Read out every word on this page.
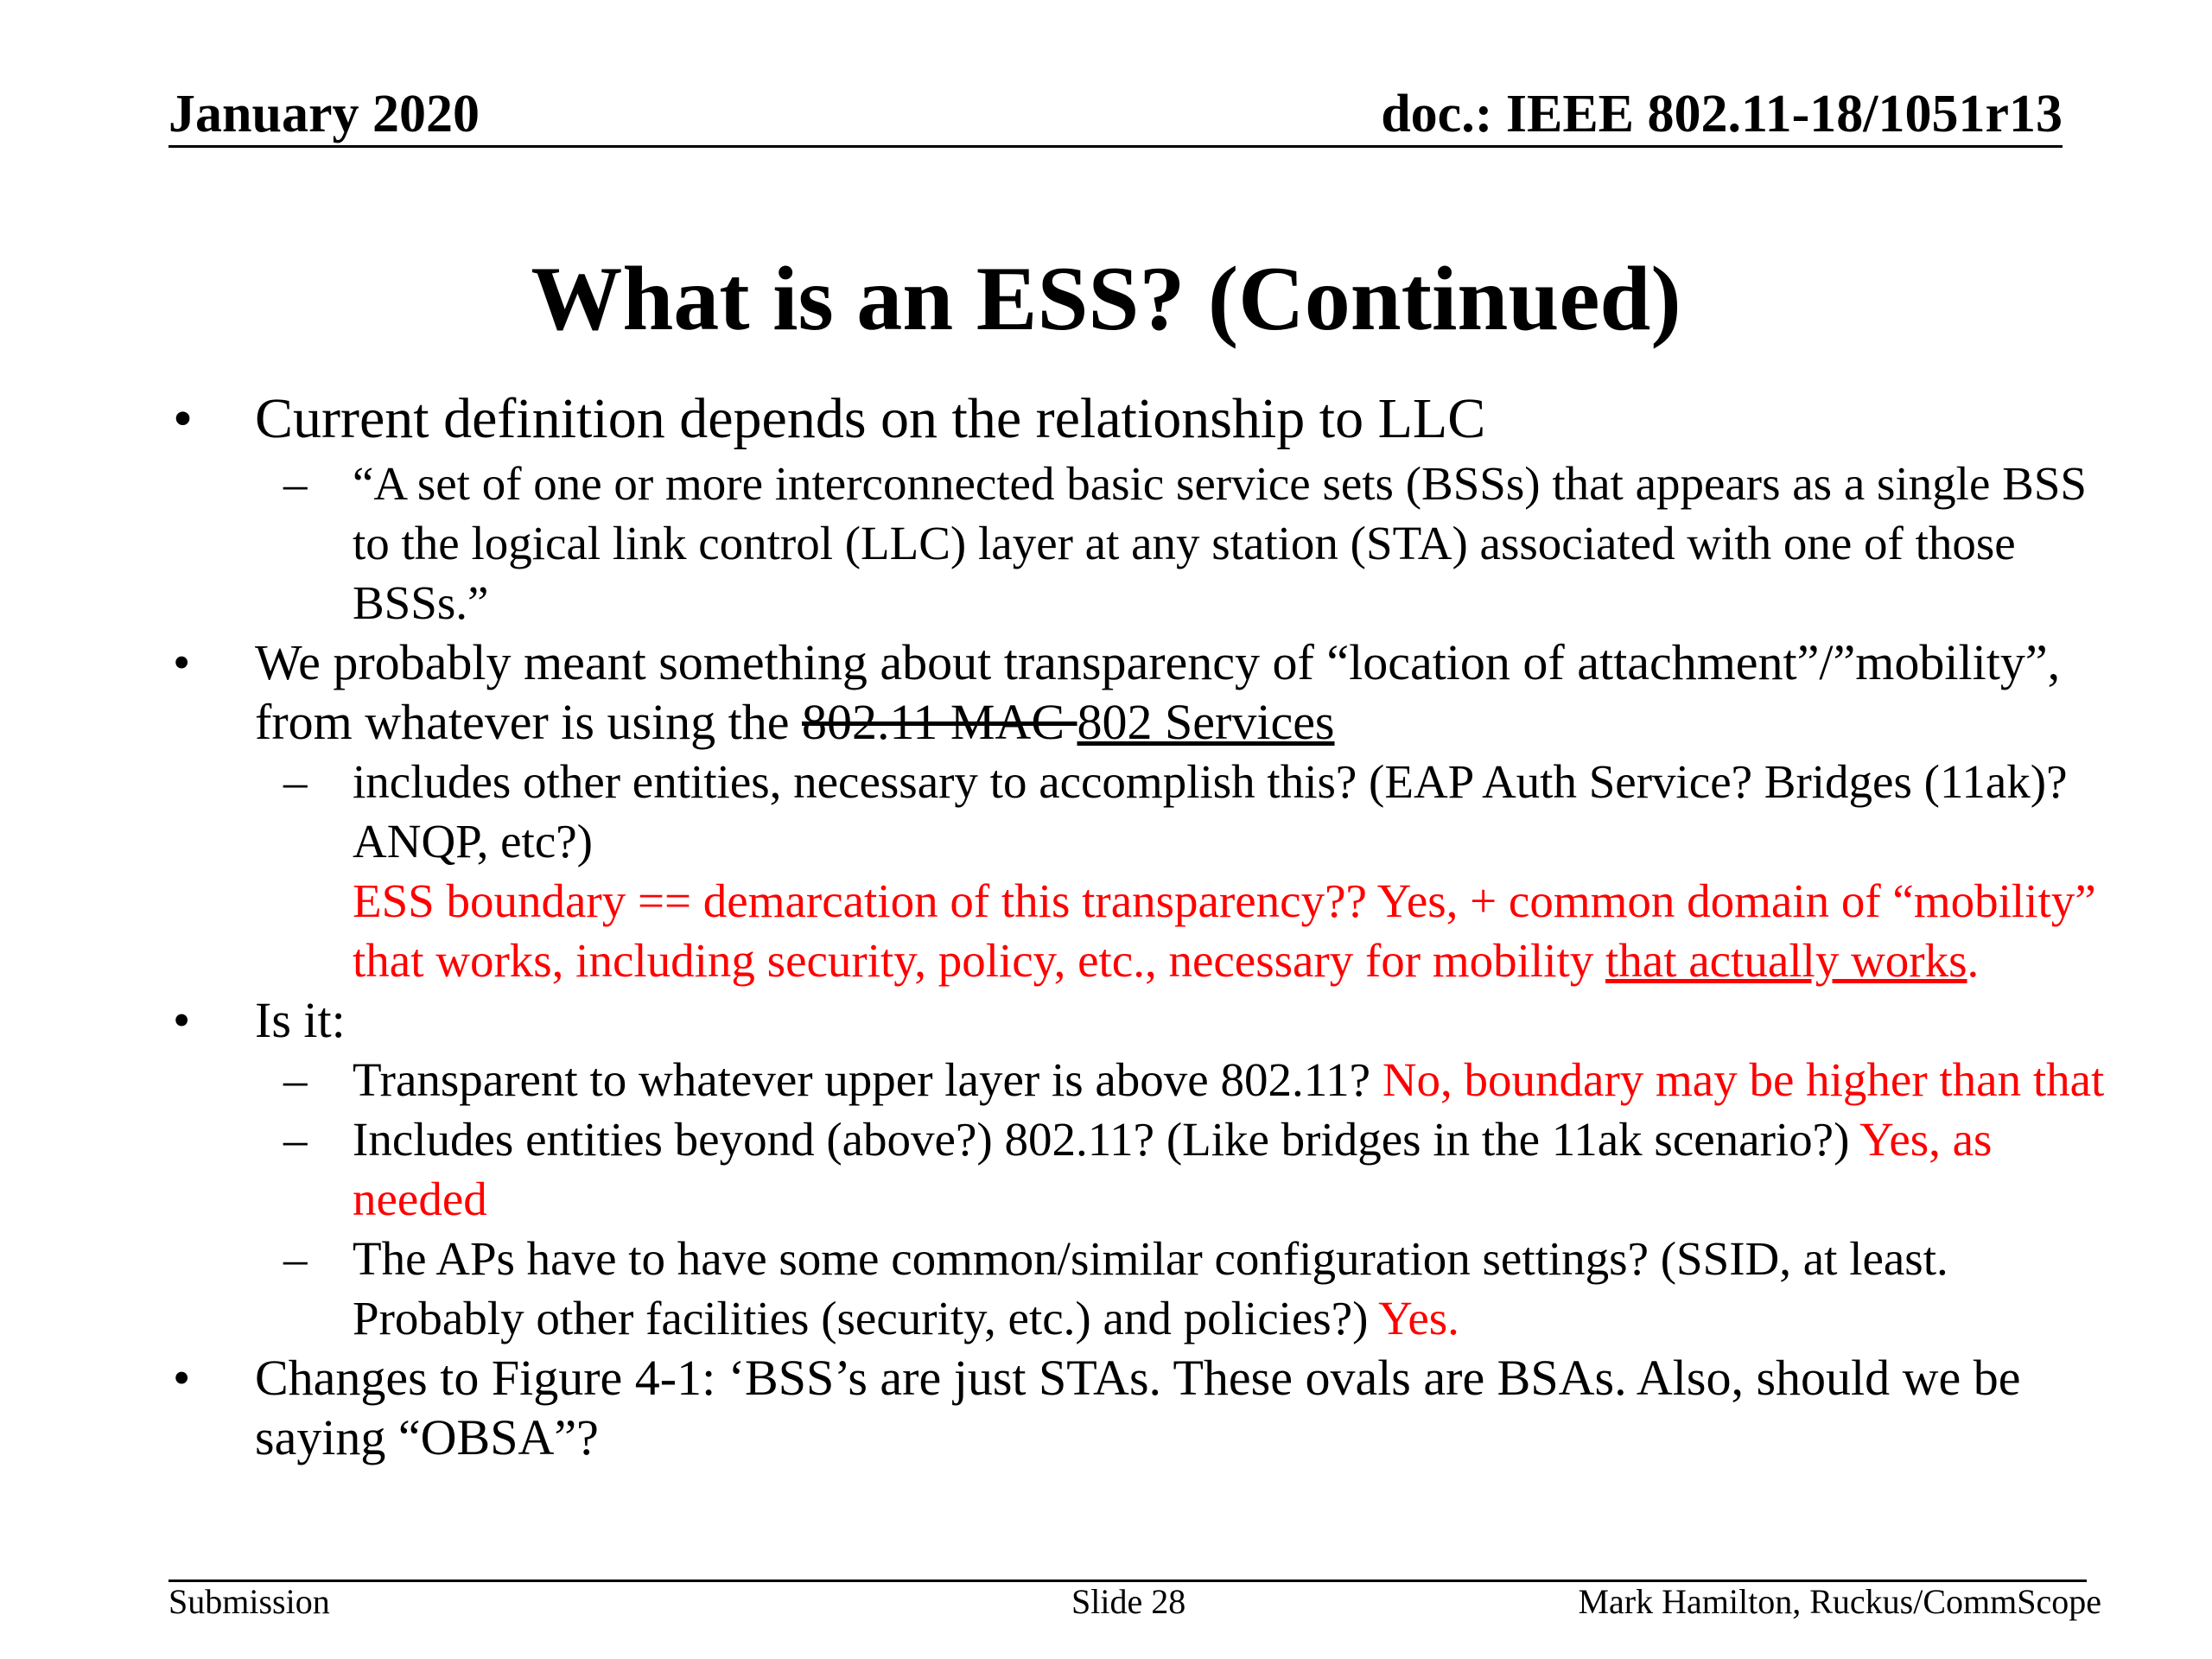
January 2020	doc.: IEEE 802.11-18/1051r13
What is an ESS? (Continued)

• Current definition depends on the relationship to LLC

– “A set of one or more interconnected basic service sets (BSSs) that appears as a single BSS to the logical link control (LLC) layer at any station (STA) associated with one of those BSSs.”

• We probably meant something about transparency of “location of attachment”/”mobility”, from whatever is using the 802.11 MAC 802 Services

– includes other entities, necessary to accomplish this? (EAP Auth Service? Bridges (11ak)? ANQP, etc?)
ESS boundary == demarcation of this transparency?? Yes, + common domain of “mobility” that works, including security, policy, etc., necessary for mobility that actually works.

• Is it:

– Transparent to whatever upper layer is above 802.11? No, boundary may be higher than that

– Includes entities beyond (above?) 802.11? (Like bridges in the 11ak scenario?) Yes, as needed

– The APs have to have some common/similar configuration settings? (SSID, at least. Probably other facilities (security, etc.) and policies?) Yes.

• Changes to Figure 4-1: ‘BSS’s are just STAs. These ovals are BSAs. Also, should we be saying “OBSA”?

Submission	Slide 28	Mark Hamilton, Ruckus/CommScope
